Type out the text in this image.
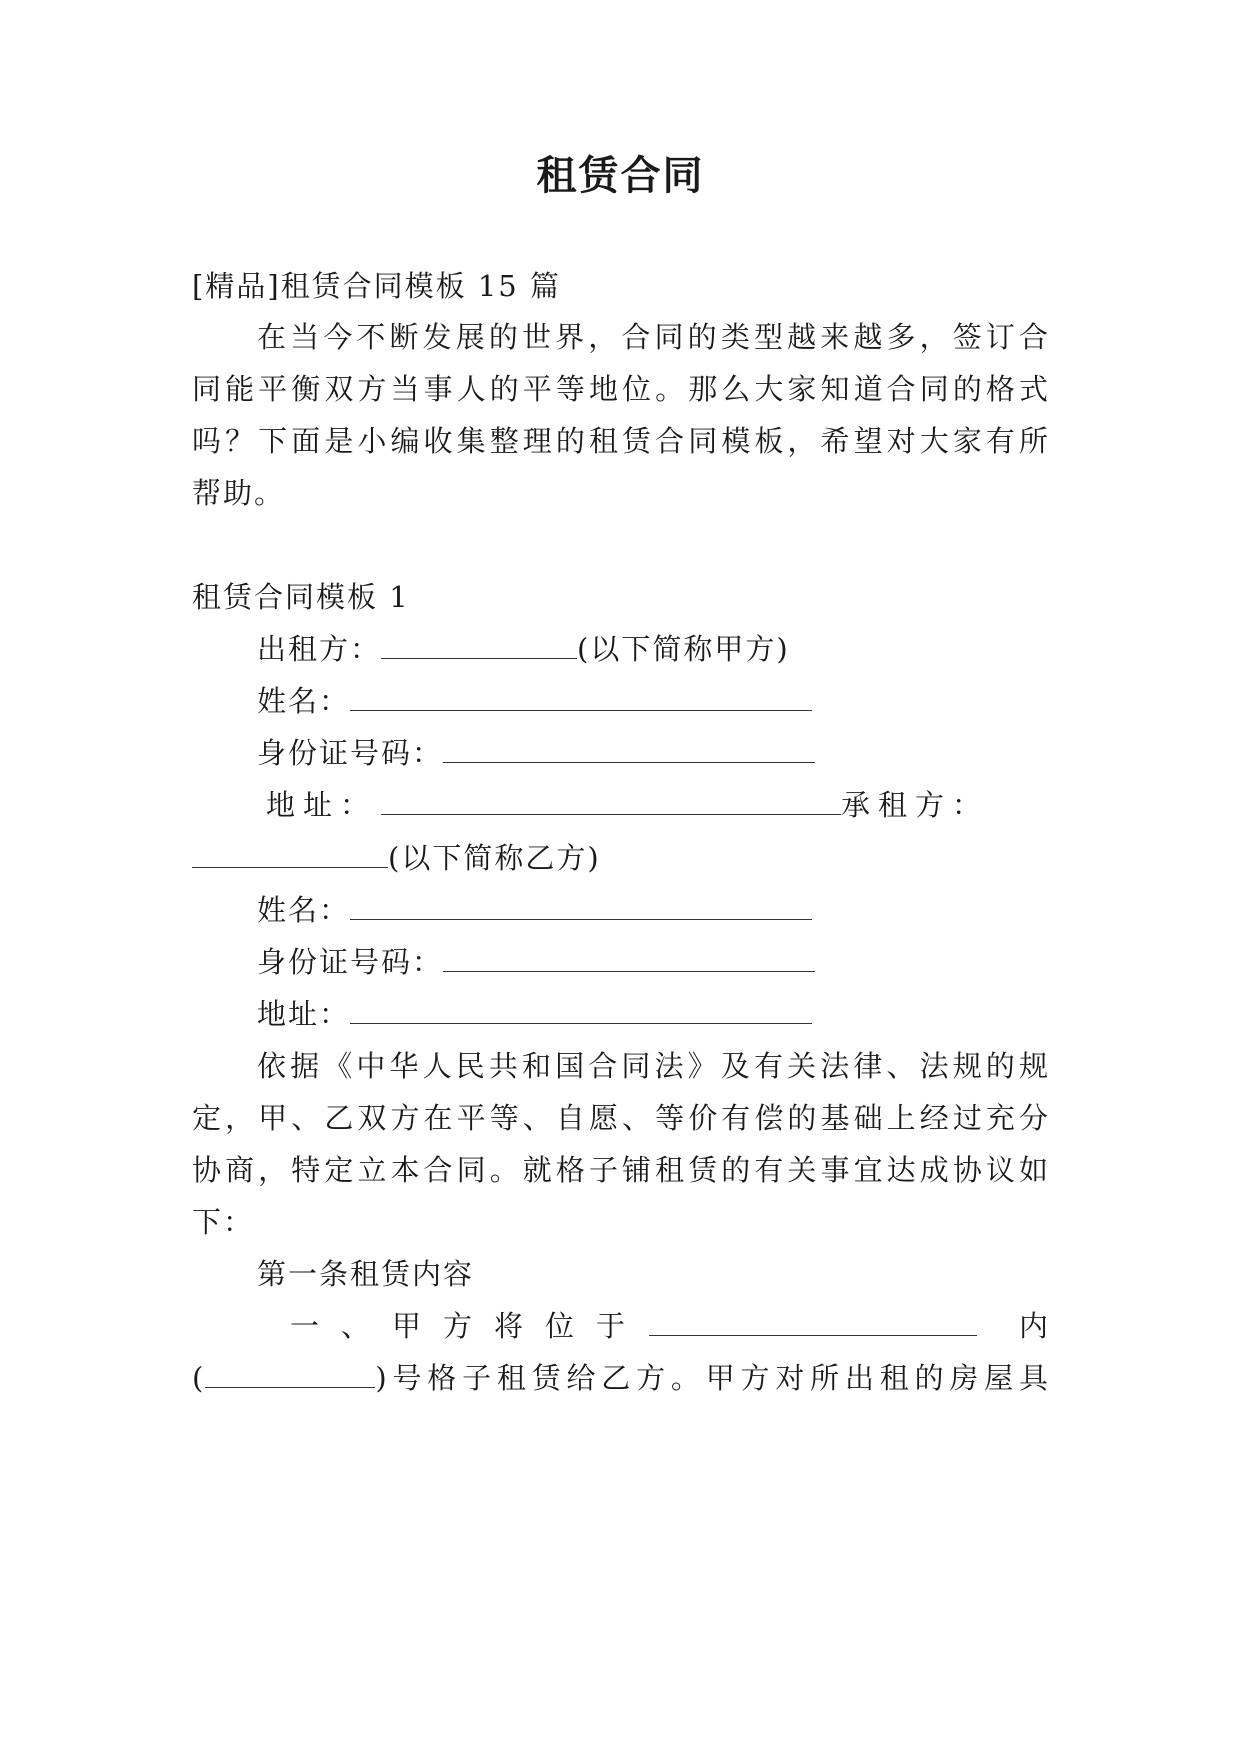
租赁合同
[精品]租赁合同模板 15 篇
在当今不断发展的世界，合同的类型越来越多，签订合
同能平衡双方当事人的平等地位。那么大家知道合同的格式
吗？下面是小编收集整理的租赁合同模板，希望对大家有所
帮助。
租赁合同模板 1
出租方：	(以下简称甲方)
姓名：
身份证号码：
地址：	承租方：
(以下简称乙方)
姓名：
身份证号码：
地址：
依据《中华人民共和国合同法》及有关法律、法规的规
定，甲、乙双方在平等、自愿、等价有偿的基础上经过充分
协商，特定立本合同。就格子铺租赁的有关事宜达成协议如
下：
第一条租赁内容
一、甲方将位于	内
(	)号格子租赁给乙方。甲方对所出租的房屋具
